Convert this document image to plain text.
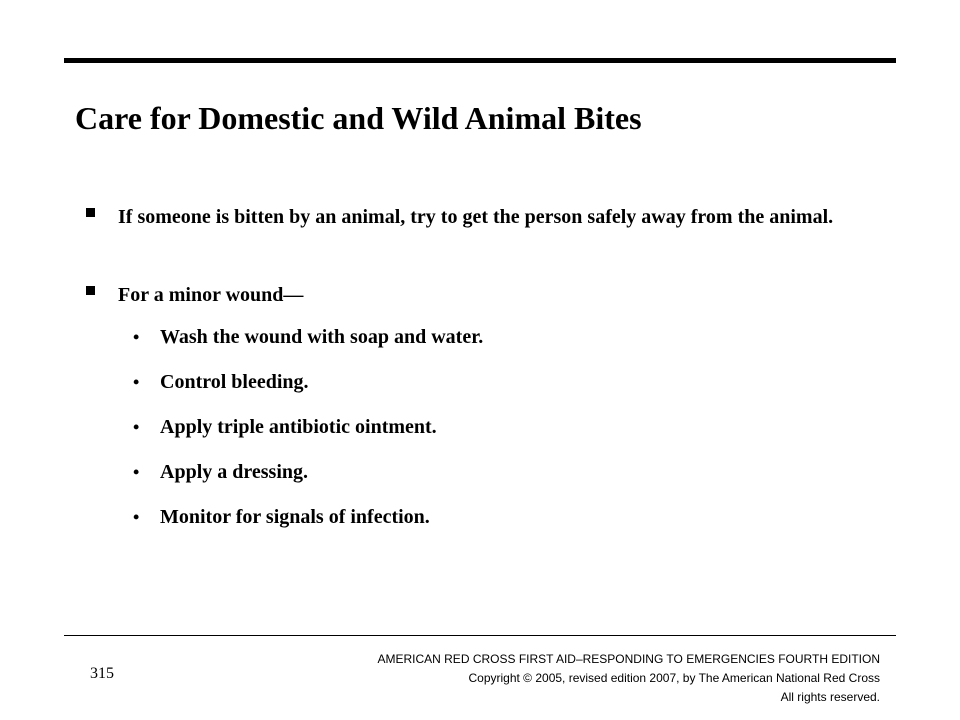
Care for Domestic and Wild Animal Bites
If someone is bitten by an animal, try to get the person safely away from the animal.
For a minor wound—
• Wash the wound with soap and water.
• Control bleeding.
• Apply triple antibiotic ointment.
• Apply a dressing.
• Monitor for signals of infection.
315
AMERICAN RED CROSS FIRST AID–RESPONDING TO EMERGENCIES FOURTH EDITION
Copyright © 2005, revised edition 2007, by The American National Red Cross
All rights reserved.
